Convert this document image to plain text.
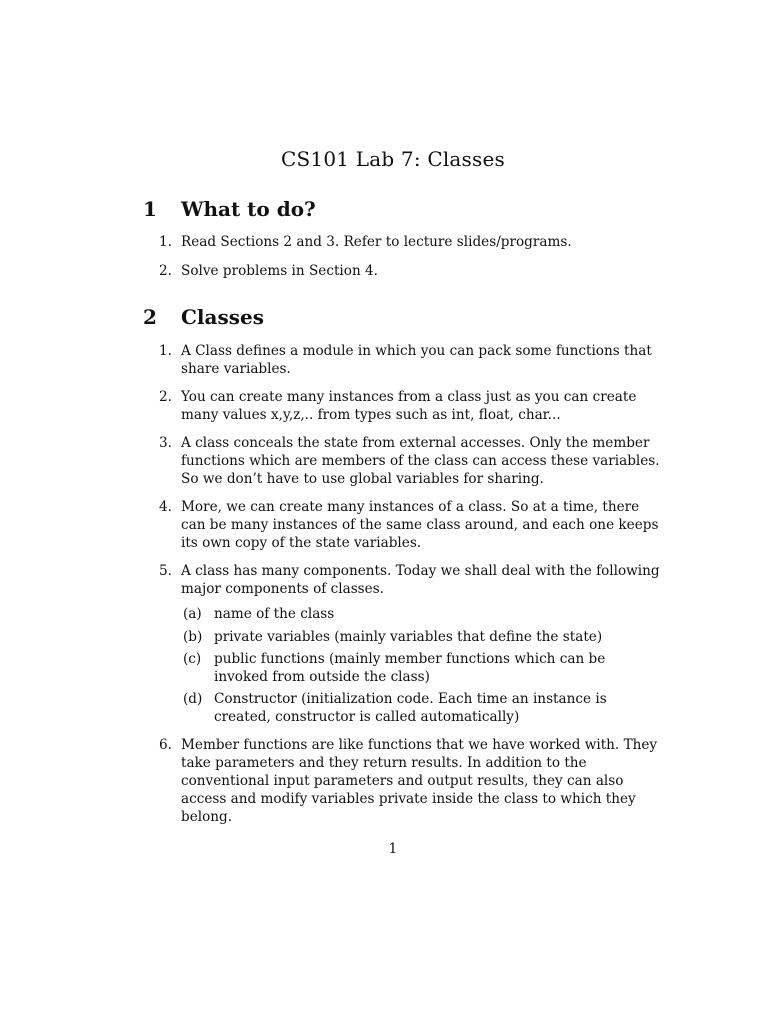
CS101 Lab 7: Classes
1 What to do?
1. Read Sections 2 and 3. Refer to lecture slides/programs.
2. Solve problems in Section 4.
2 Classes
1. A Class defines a module in which you can pack some functions that share variables.
2. You can create many instances from a class just as you can create many values x,y,z,.. from types such as int, float, char...
3. A class conceals the state from external accesses. Only the member functions which are members of the class can access these variables. So we don’t have to use global variables for sharing.
4. More, we can create many instances of a class. So at a time, there can be many instances of the same class around, and each one keeps its own copy of the state variables.
5. A class has many components. Today we shall deal with the following major components of classes.
(a) name of the class
(b) private variables (mainly variables that define the state)
(c) public functions (mainly member functions which can be invoked from outside the class)
(d) Constructor (initialization code. Each time an instance is created, constructor is called automatically)
6. Member functions are like functions that we have worked with. They take parameters and they return results. In addition to the conventional input parameters and output results, they can also access and modify variables private inside the class to which they belong.
1
